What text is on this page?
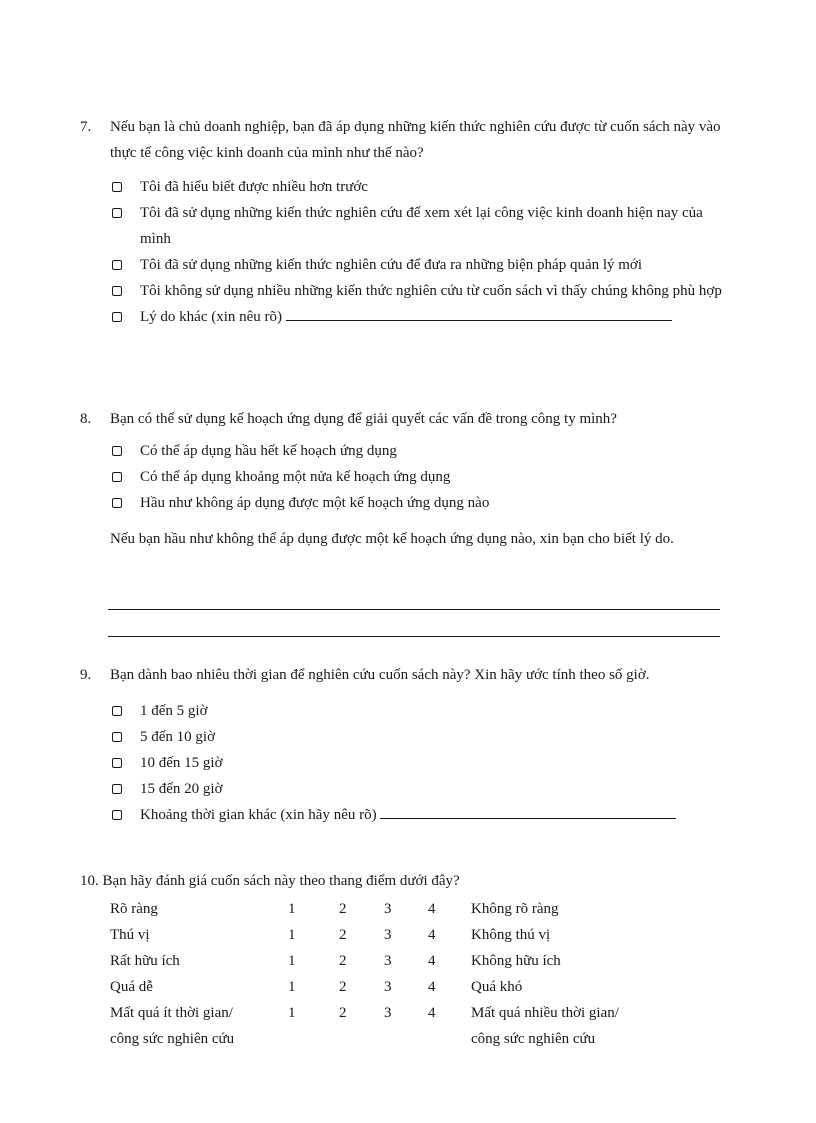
7. Nếu bạn là chủ doanh nghiệp, bạn đã áp dụng những kiến thức nghiên cứu được từ cuốn sách này vào thực tế công việc kinh doanh của mình như thế nào?
Tôi đã hiểu biết được nhiều hơn trước
Tôi đã sử dụng những kiến thức nghiên cứu để xem xét lại công việc kinh doanh hiện nay của mình
Tôi đã sử dụng những kiến thức nghiên cứu để đưa ra những biện pháp quản lý mới
Tôi không sử dụng nhiều những kiến thức nghiên cứu từ cuốn sách vì thấy chúng không phù hợp
Lý do khác (xin nêu rõ)
8. Bạn có thể sử dụng kế hoạch ứng dụng để giải quyết các vấn đề trong công ty mình?
Có thể áp dụng hầu hết kế hoạch ứng dụng
Có thể áp dụng khoảng một nửa kế hoạch ứng dụng
Hầu như không áp dụng được một kế hoạch ứng dụng nào
Nếu bạn hầu như không thể áp dụng được một kế hoạch ứng dụng nào, xin bạn cho biết lý do.
9. Bạn dành bao nhiêu thời gian để nghiên cứu cuốn sách này? Xin hãy ước tính theo số giờ.
1 đến 5 giờ
5 đến 10 giờ
10 đến 15 giờ
15 đến 20 giờ
Khoảng thời gian khác (xin hãy nêu rõ)
10. Bạn hãy đánh giá cuốn sách này theo thang điểm dưới đây?
Rõ ràng	1	2	3	4	Không rõ ràng
Thú vị	1	2	3	4	Không thú vị
Rất hữu ích	1	2	3	4	Không hữu ích
Quá dễ	1	2	3	4	Quá khó
Mất quá ít thời gian/	1	2	3	4	Mất quá nhiều thời gian/
công sức nghiên cứu					công sức nghiên cứu
